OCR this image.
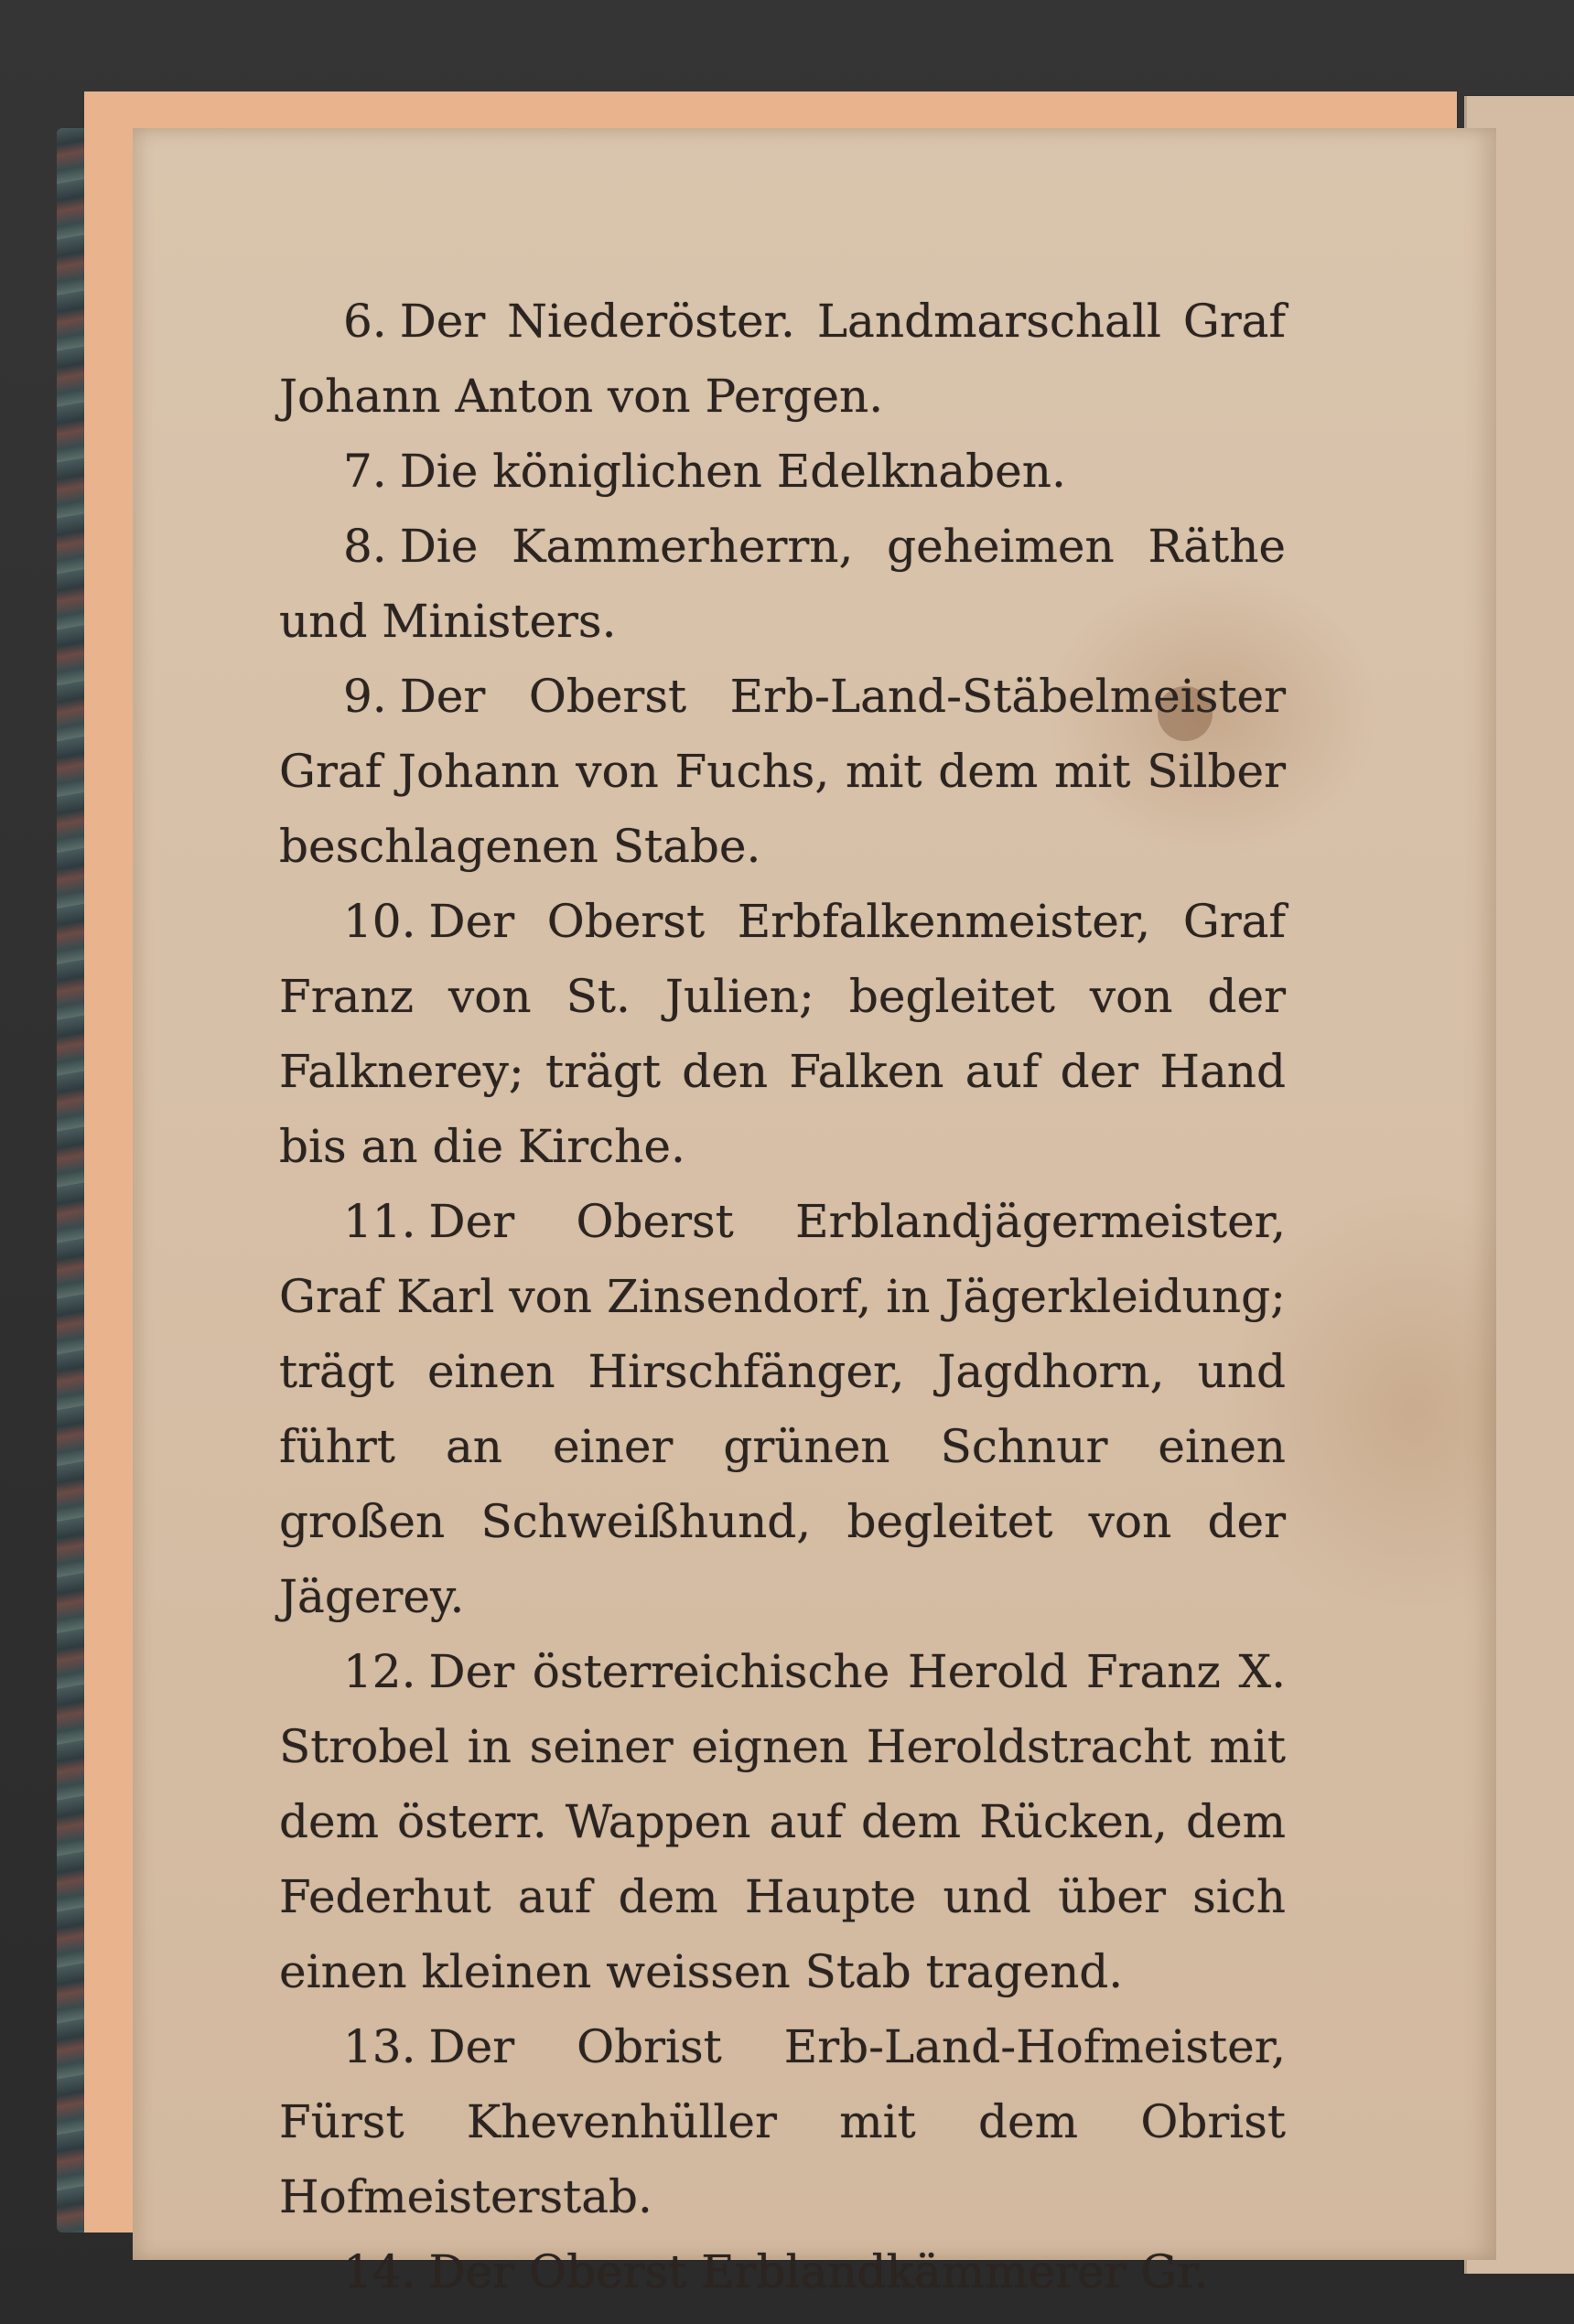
6. Der Niederöster. Landmarschall Graf Johann Anton von Pergen.

7. Die königlichen Edelknaben.

8. Die Kammerherrn, geheimen Räthe und Ministers.

9. Der Oberst Erb-Land-Stäbelmeister Graf Johann von Fuchs, mit dem mit Silber beschlagenen Stabe.

10. Der Oberst Erbfalkenmeister, Graf Franz von St. Julien; begleitet von der Falknerey; trägt den Falken auf der Hand bis an die Kirche.

11. Der Oberst Erblandjägermeister, Graf Karl von Zinsendorf, in Jägerkleidung; trägt einen Hirschfänger, Jagdhorn, und führt an einer grünen Schnur einen großen Schweißhund, begleitet von der Jägerey.

12. Der österreichische Herold Franz X. Strobel in seiner eignen Heroldstracht mit dem österr. Wappen auf dem Rücken, dem Federhut auf dem Haupte und über sich einen kleinen weissen Stab tragend.

13. Der Obrist Erb-Land-Hofmeister, Fürst Khevenhüller mit dem Obrist Hofmeisterstab.

14. Der Oberst Erblandkämmerer Gr.
